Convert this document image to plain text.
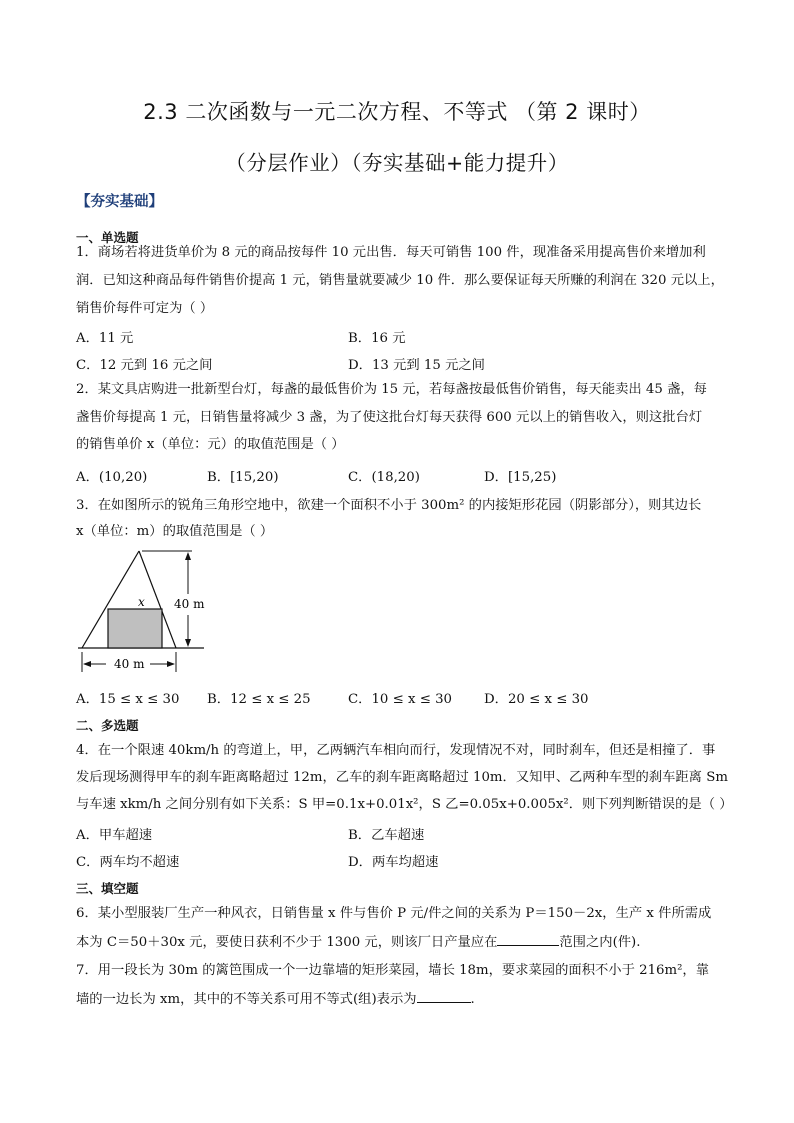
2.3 二次函数与一元二次方程、不等式 （第 2 课时）
（分层作业）（夯实基础+能力提升）
【夯实基础】
一、单选题
1．商场若将进货单价为 8 元的商品按每件 10 元出售．每天可销售 100 件，现准备采用提高售价来增加利
润．已知这种商品每件销售价提高 1 元，销售量就要减少 10 件．那么要保证每天所赚的利润在 320 元以上，
销售价每件可定为（ ）
A．11 元	B．16 元
C．12 元到 16 元之间	D．13 元到 15 元之间
2．某文具店购进一批新型台灯，每盏的最低售价为 15 元，若每盏按最低售价销售，每天能卖出 45 盏，每
盏售价每提高 1 元，日销售量将减少 3 盏，为了使这批台灯每天获得 600 元以上的销售收入，则这批台灯
的销售单价 x（单位：元）的取值范围是（ ）
A．(10,20)	B．[15,20)	C．(18,20)	D．[15,25)
3．在如图所示的锐角三角形空地中，欲建一个面积不小于 300m² 的内接矩形花园（阴影部分），则其边长
x（单位：m）的取值范围是（ ）
x 40 m
40 m
A．15 ≤ x ≤ 30 B．12 ≤ x ≤ 25	C．10 ≤ x ≤ 30 D．20 ≤ x ≤ 30
二、多选题
4．在一个限速 40km/h 的弯道上，甲，乙两辆汽车相向而行，发现情况不对，同时刹车，但还是相撞了．事
发后现场测得甲车的刹车距离略超过 12m，乙车的刹车距离略超过 10m．又知甲、乙两种车型的刹车距离 Sm
与车速 xkm/h 之间分别有如下关系：S 甲=0.1x+0.01x²，S 乙=0.05x+0.005x²．则下列判断错误的是（ ）
A．甲车超速	B．乙车超速
C．两车均不超速	D．两车均超速
三、填空题
6．某小型服装厂生产一种风衣，日销售量 x 件与售价 P 元/件之间的关系为 P＝150－2x，生产 x 件所需成
本为 C＝50＋30x 元，要使日获利不少于 1300 元，则该厂日产量应在	范围之内(件).
7．用一段长为 30m 的篱笆围成一个一边靠墙的矩形菜园，墙长 18m，要求菜园的面积不小于 216m²，靠
墙的一边长为 xm，其中的不等关系可用不等式(组)表示为	.
